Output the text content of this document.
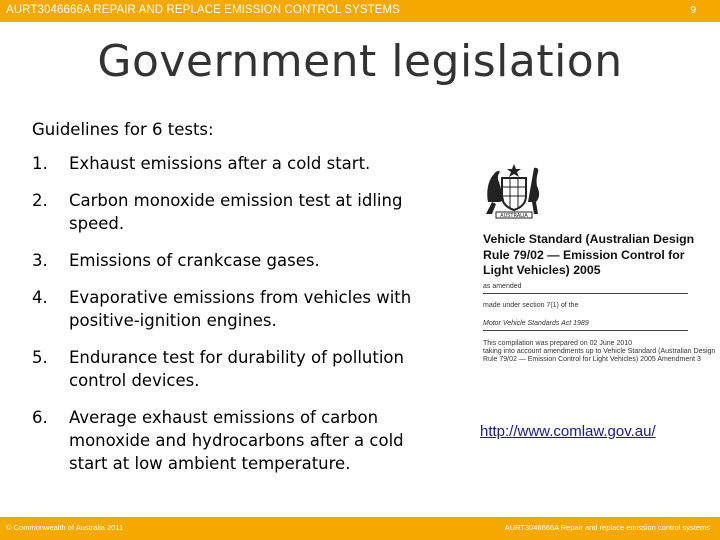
AURT3046666A REPAIR AND REPLACE EMISSION CONTROL SYSTEMS	9
Government legislation
Guidelines for 6 tests:
1. Exhaust emissions after a cold start.
2. Carbon monoxide emission test at idling speed.
3. Emissions of crankcase gases.
4. Evaporative emissions from vehicles with positive-ignition engines.
5. Endurance test for durability of pollution control devices.
6. Average exhaust emissions of carbon monoxide and hydrocarbons after a cold start at low ambient temperature.
AUSTRALIA
Vehicle Standard (Australian Design Rule 79/02 — Emission Control for Light Vehicles) 2005
as amended
made under section 7(1) of the
Motor Vehicle Standards Act 1989
This compilation was prepared on 02 June 2010
taking into account amendments up to Vehicle Standard (Australian Design
Rule 79/02 — Emission Control for Light Vehicles) 2005 Amendment 3
http://www.comlaw.gov.au/
© Commonwealth of Australia 2011	AURT3046666A Repair and replace emission control systems
